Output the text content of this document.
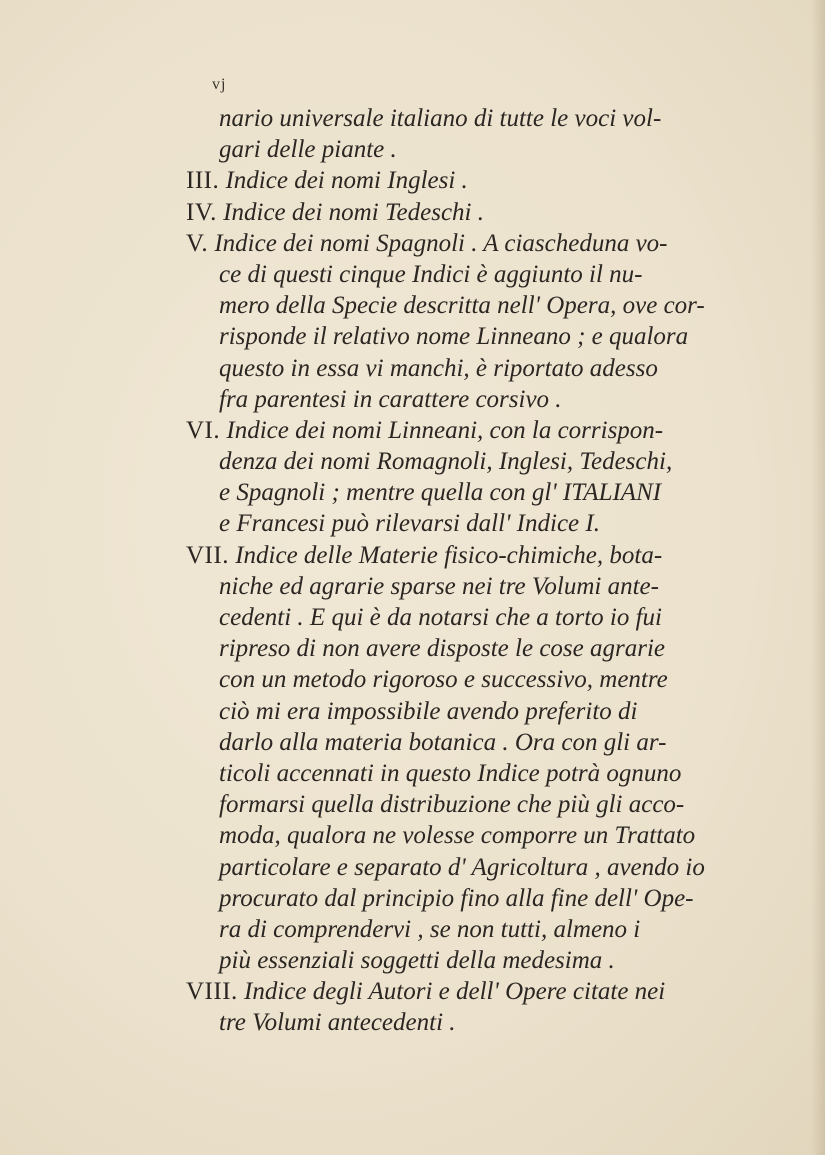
vj
nario universale italiano di tutte le voci vol-
gari delle piante .
III. Indice dei nomi Inglesi .
IV. Indice dei nomi Tedeschi .
V. Indice dei nomi Spagnoli . A ciascheduna vo-
ce di questi cinque Indici è aggiunto il nu-
mero della Specie descritta nell' Opera, ove cor-
risponde il relativo nome Linneano ; e qualora
questo in essa vi manchi, è riportato adesso
fra parentesi in carattere corsivo .
VI. Indice dei nomi Linneani, con la corrispon-
denza dei nomi Romagnoli, Inglesi, Tedeschi,
e Spagnoli ; mentre quella con gl' ITALIANI
e Francesi può rilevarsi dall' Indice I.
VII. Indice delle Materie fisico-chimiche, bota-
niche ed agrarie sparse nei tre Volumi ante-
cedenti . E qui è da notarsi che a torto io fui
ripreso di non avere disposte le cose agrarie
con un metodo rigoroso e successivo, mentre
ciò mi era impossibile avendo preferito di
darlo alla materia botanica . Ora con gli ar-
ticoli accennati in questo Indice potrà ognuno
formarsi quella distribuzione che più gli acco-
moda, qualora ne volesse comporre un Trattato
particolare e separato d' Agricoltura , avendo io
procurato dal principio fino alla fine dell' Ope-
ra di comprendervi , se non tutti, almeno i
più essenziali soggetti della medesima .
VIII. Indice degli Autori e dell' Opere citate nei
tre Volumi antecedenti .
